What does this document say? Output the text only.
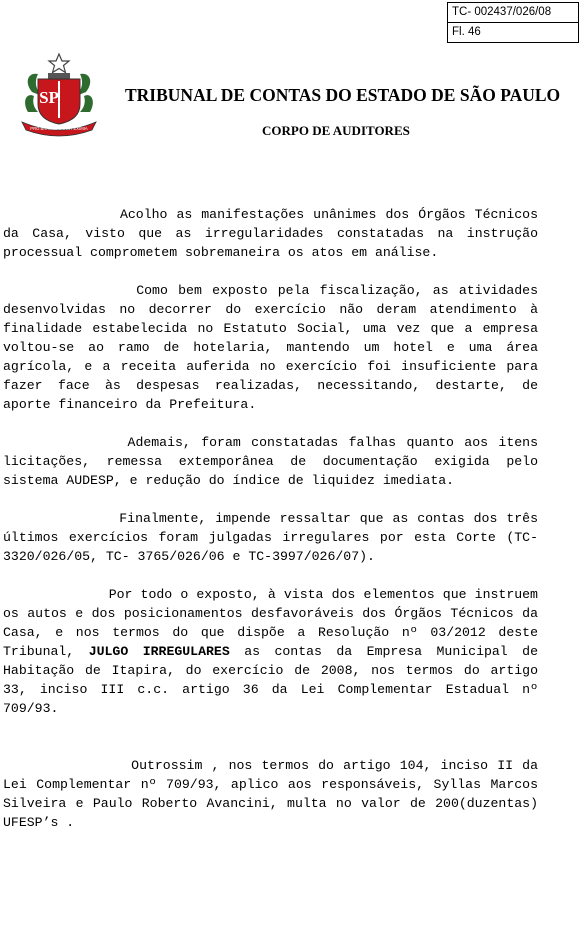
TC- 002437/026/08
Fl. 46
SP
PRO BRASILIA FIANT EXIMIA
TRIBUNAL DE CONTAS DO ESTADO DE SÃO PAULO
CORPO DE AUDITORES

Acolho as manifestações unânimes dos Órgãos Técnicos da Casa, visto que as irregularidades constatadas na instrução processual comprometem sobremaneira os atos em análise.

Como bem exposto pela fiscalização, as atividades desenvolvidas no decorrer do exercício não deram atendimento à finalidade estabelecida no Estatuto Social, uma vez que a empresa voltou-se ao ramo de hotelaria, mantendo um hotel e uma área agrícola, e a receita auferida no exercício foi insuficiente para fazer face às despesas realizadas, necessitando, destarte, de aporte financeiro da Prefeitura.

Ademais, foram constatadas falhas quanto aos itens licitações, remessa extemporânea de documentação exigida pelo sistema AUDESP, e redução do índice de liquidez imediata.

Finalmente, impende ressaltar que as contas dos três últimos exercícios foram julgadas irregulares por esta Corte (TC- 3320/026/05, TC- 3765/026/06 e TC-3997/026/07).

Por todo o exposto, à vista dos elementos que instruem os autos e dos posicionamentos desfavoráveis dos Órgãos Técnicos da Casa, e nos termos do que dispõe a Resolução nº 03/2012 deste Tribunal, JULGO IRREGULARES as contas da Empresa Municipal de Habitação de Itapira, do exercício de 2008, nos termos do artigo 33, inciso III c.c. artigo 36 da Lei Complementar Estadual nº 709/93.

Outrossim , nos termos do artigo 104, inciso II da Lei Complementar nº 709/93, aplico aos responsáveis, Syllas Marcos Silveira e Paulo Roberto Avancini, multa no valor de 200(duzentas) UFESP’s .
